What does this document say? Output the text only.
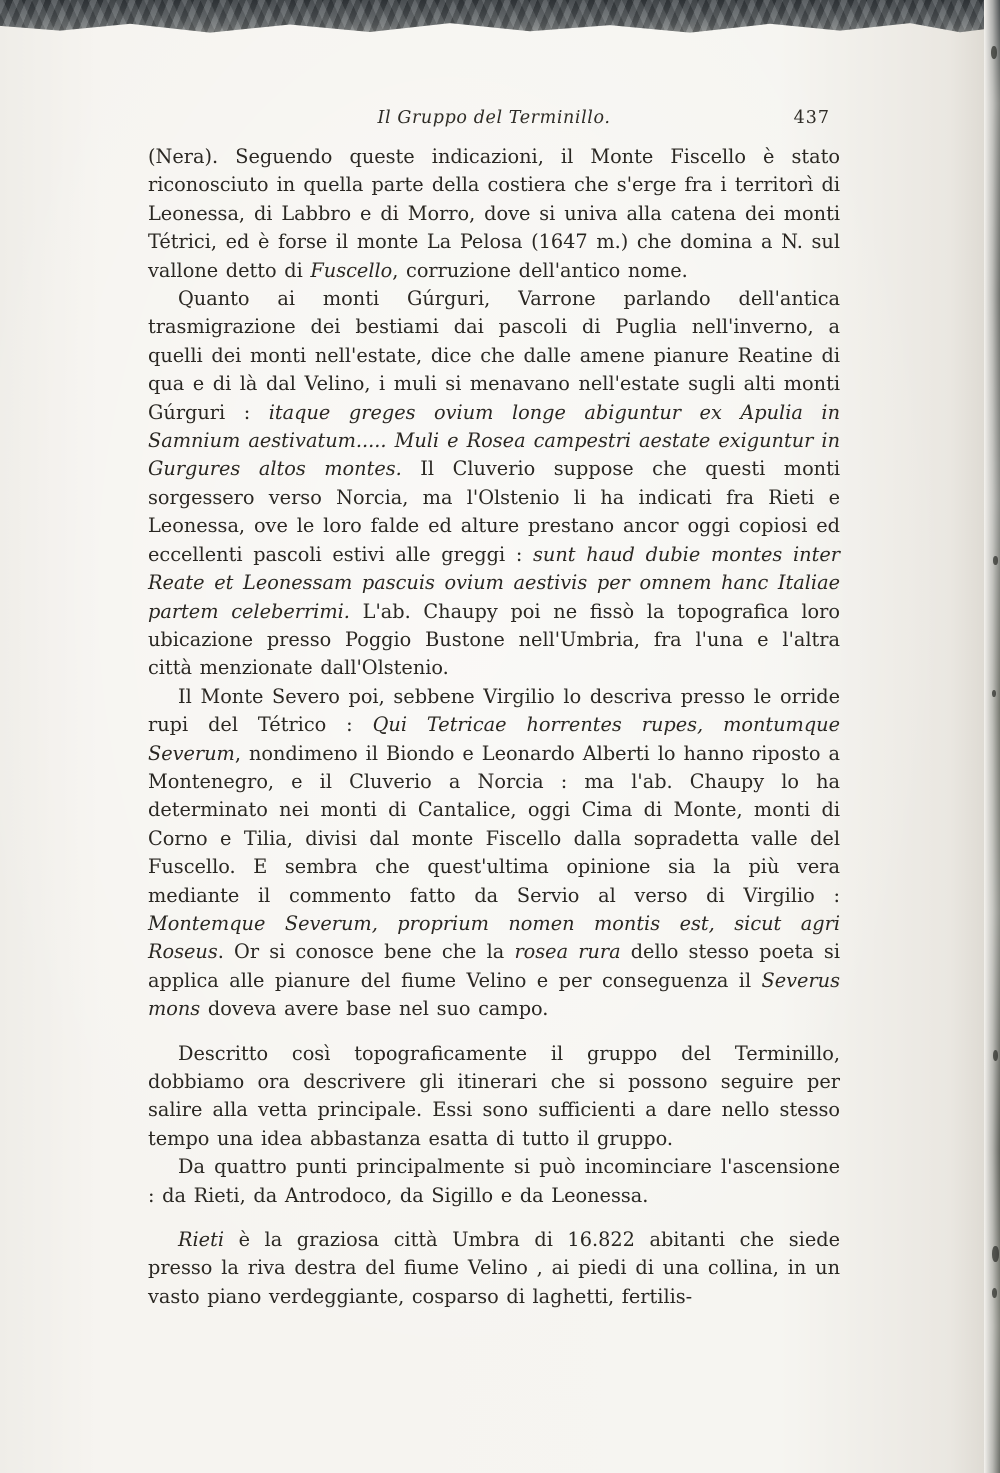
Il Gruppo del Terminillo.	437

(Nera). Seguendo queste indicazioni, il Monte Fiscello è stato riconosciuto in quella parte della costiera che s'erge fra i territorì di Leonessa, di Labbro e di Morro, dove si univa alla catena dei monti Tétrici, ed è forse il monte La Pelosa (1647 m.) che domina a N. sul vallone detto di Fuscello, corruzione dell'antico nome.

Quanto ai monti Gúrguri, Varrone parlando dell'antica trasmigrazione dei bestiami dai pascoli di Puglia nell'inverno, a quelli dei monti nell'estate, dice che dalle amene pianure Reatine di qua e di là dal Velino, i muli si menavano nell'estate sugli alti monti Gúrguri : itaque greges ovium longe abiguntur ex Apulia in Samnium aestivatum..... Muli e Rosea campestri aestate exiguntur in Gurgures altos montes. Il Cluverio suppose che questi monti sorgessero verso Norcia, ma l'Olstenio li ha indicati fra Rieti e Leonessa, ove le loro falde ed alture prestano ancor oggi copiosi ed eccellenti pascoli estivi alle greggi : sunt haud dubie montes inter Reate et Leonessam pascuis ovium aestivis per omnem hanc Italiae partem celeberrimi. L'ab. Chaupy poi ne fissò la topografica loro ubicazione presso Poggio Bustone nell'Umbria, fra l'una e l'altra città menzionate dall'Olstenio.

Il Monte Severo poi, sebbene Virgilio lo descriva presso le orride rupi del Tétrico : Qui Tetricae horrentes rupes, montumque Severum, nondimeno il Biondo e Leonardo Alberti lo hanno riposto a Montenegro, e il Cluverio a Norcia : ma l'ab. Chaupy lo ha determinato nei monti di Cantalice, oggi Cima di Monte, monti di Corno e Tilia, divisi dal monte Fiscello dalla sopradetta valle del Fuscello. E sembra che quest'ultima opinione sia la più vera mediante il commento fatto da Servio al verso di Virgilio : Montemque Severum, proprium nomen montis est, sicut agri Roseus. Or si conosce bene che la rosea rura dello stesso poeta si applica alle pianure del fiume Velino e per conseguenza il Severus mons doveva avere base nel suo campo.

Descritto così topograficamente il gruppo del Terminillo, dobbiamo ora descrivere gli itinerari che si possono seguire per salire alla vetta principale. Essi sono sufficienti a dare nello stesso tempo una idea abbastanza esatta di tutto il gruppo.

Da quattro punti principalmente si può incominciare l'ascensione : da Rieti, da Antrodoco, da Sigillo e da Leonessa.

Rieti è la graziosa città Umbra di 16.822 abitanti che siede presso la riva destra del fiume Velino , ai piedi di una collina, in un vasto piano verdeggiante, cosparso di laghetti, fertilis-
